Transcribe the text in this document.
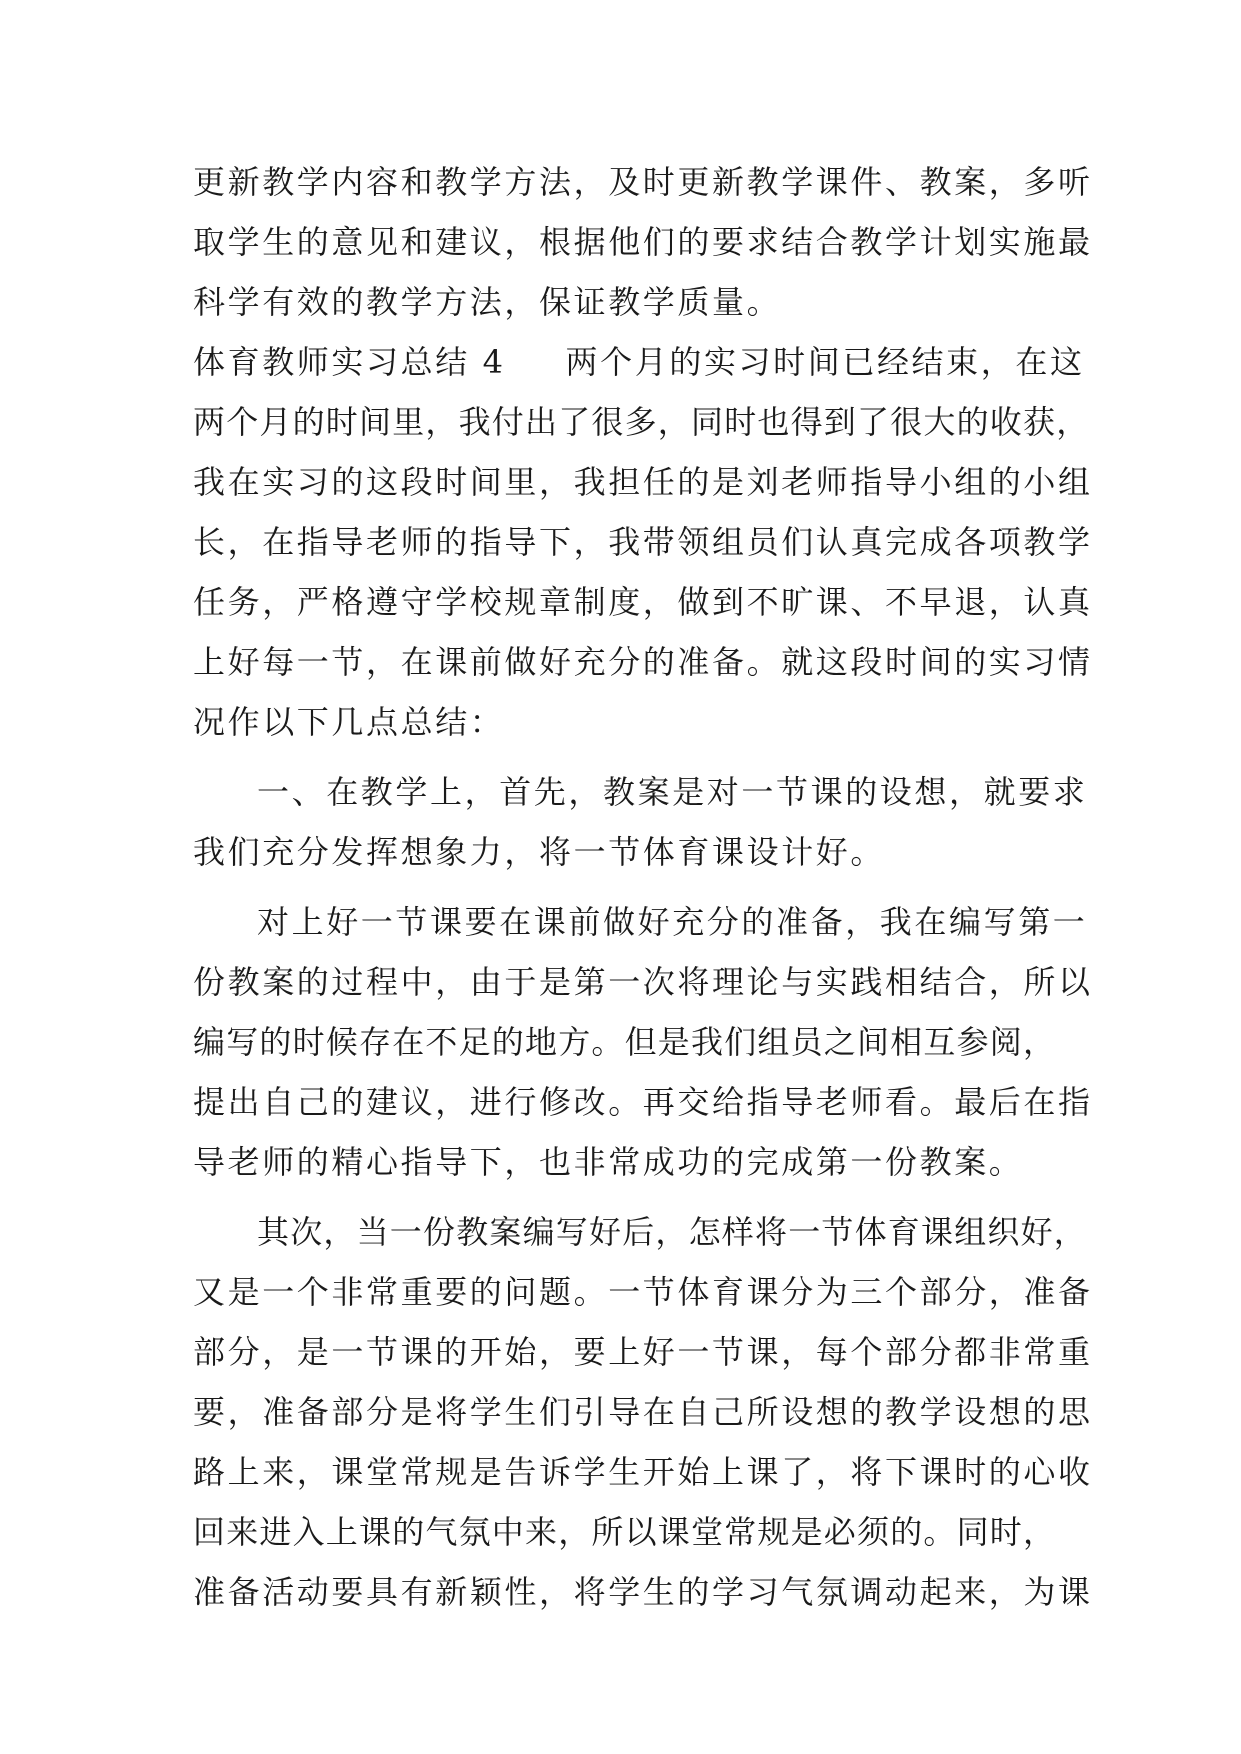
更新教学内容和教学方法，及时更新教学课件、教案，多听
取学生的意见和建议，根据他们的要求结合教学计划实施最
科学有效的教学方法，保证教学质量。
体育教师实习总结 4 两个月的实习时间已经结束，在这
两个月的时间里，我付出了很多，同时也得到了很大的收获，
我在实习的这段时间里，我担任的是刘老师指导小组的小组
长，在指导老师的指导下，我带领组员们认真完成各项教学
任务，严格遵守学校规章制度，做到不旷课、不早退，认真
上好每一节，在课前做好充分的准备。就这段时间的实习情
况作以下几点总结：
一、在教学上，首先，教案是对一节课的设想，就要求
我们充分发挥想象力，将一节体育课设计好。
对上好一节课要在课前做好充分的准备，我在编写第一
份教案的过程中，由于是第一次将理论与实践相结合，所以
编写的时候存在不足的地方。但是我们组员之间相互参阅，
提出自己的建议，进行修改。再交给指导老师看。最后在指
导老师的精心指导下，也非常成功的完成第一份教案。
其次，当一份教案编写好后，怎样将一节体育课组织好，
又是一个非常重要的问题。一节体育课分为三个部分，准备
部分，是一节课的开始，要上好一节课，每个部分都非常重
要，准备部分是将学生们引导在自己所设想的教学设想的思
路上来，课堂常规是告诉学生开始上课了，将下课时的心收
回来进入上课的气氛中来，所以课堂常规是必须的。同时，
准备活动要具有新颖性，将学生的学习气氛调动起来，为课
